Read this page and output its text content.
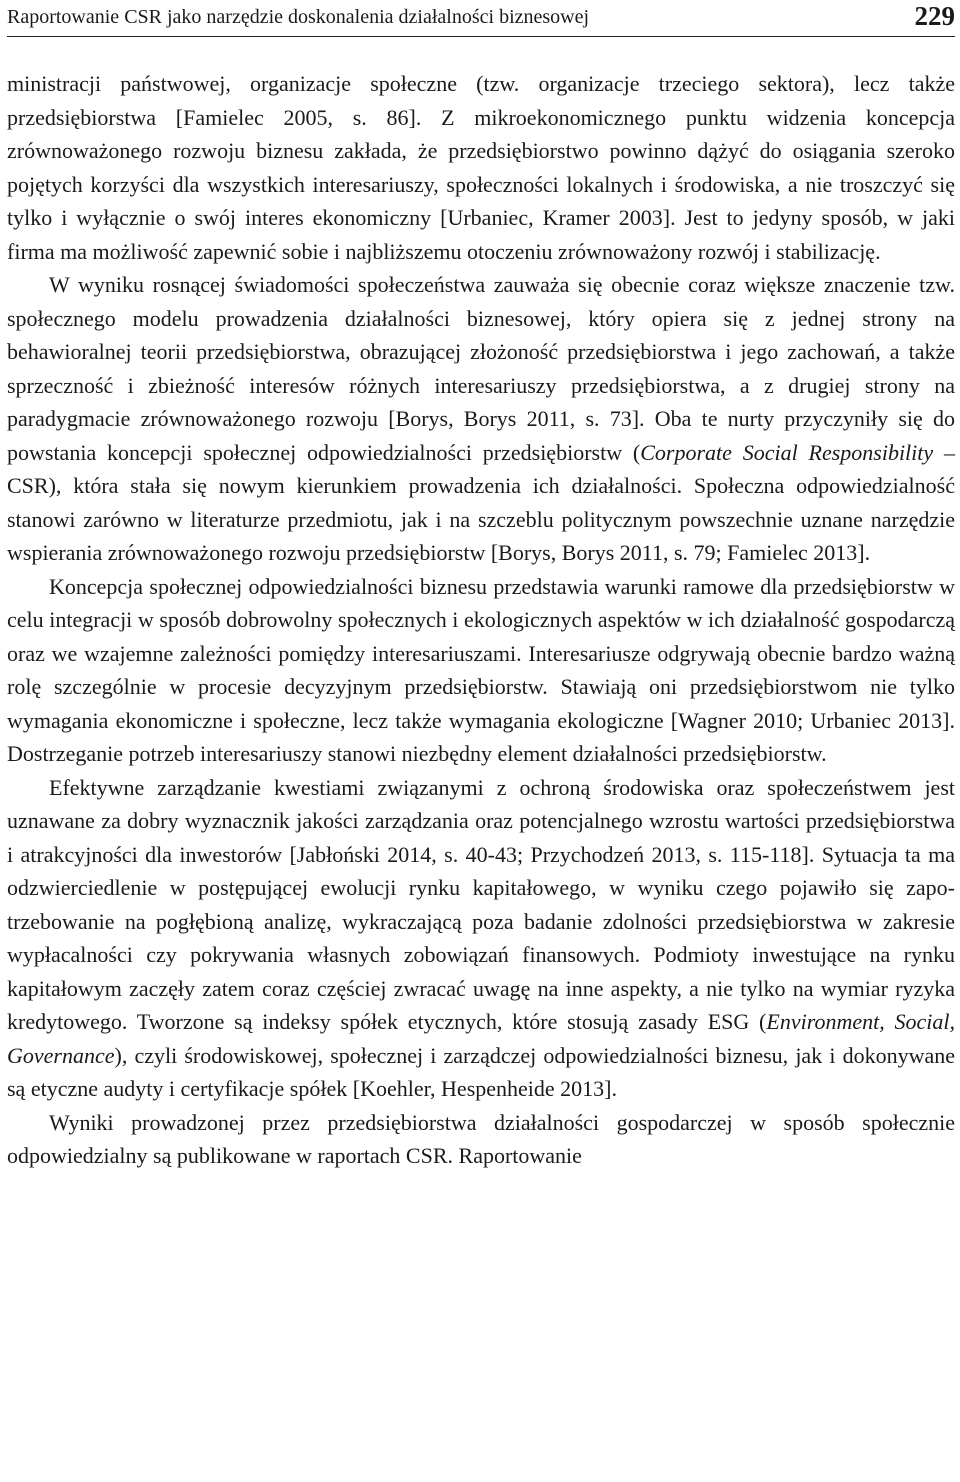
Raportowanie CSR jako narzędzie doskonalenia działalności biznesowej	229

ministracji państwowej, organizacje społeczne (tzw. organizacje trzeciego sektora), lecz także przedsiębiorstwa [Famielec 2005, s. 86]. Z mikroekonomicznego punktu widzenia koncepcja zrównoważonego rozwoju biznesu zakłada, że przedsiębiorstwo powinno dążyć do osiągania szeroko pojętych korzyści dla wszystkich interesariuszy, społeczności lokalnych i środowiska, a nie troszczyć się tylko i wyłącznie o swój interes ekonomiczny [Urbaniec, Kramer 2003]. Jest to jedyny sposób, w jaki firma ma możliwość zapewnić sobie i najbliższemu otoczeniu zrównoważony rozwój i stabilizację.

W wyniku rosnącej świadomości społeczeństwa zauważa się obecnie coraz większe znaczenie tzw. społecznego modelu prowadzenia działalności biznesowej, który opiera się z jednej strony na behawioralnej teorii przedsiębiorstwa, obrazującej złożoność przedsiębiorstwa i jego zachowań, a także sprzeczność i zbieżność interesów różnych interesariuszy przedsiębiorstwa, a z drugiej strony na paradygmacie zrównoważonego rozwoju [Borys, Borys 2011, s. 73]. Oba te nurty przyczyniły się do powstania koncepcji społecznej odpowiedzialności przedsiębiorstw (Corporate Social Responsibility – CSR), która stała się nowym kierunkiem prowadzenia ich działalności. Społeczna odpowiedzialność stanowi zarówno w literaturze przedmiotu, jak i na szczeblu politycznym powszechnie uznane narzędzie wspierania zrównoważonego rozwoju przedsiębiorstw [Borys, Borys 2011, s. 79; Famielec 2013].

Koncepcja społecznej odpowiedzialności biznesu przedstawia warunki ramowe dla przedsiębiorstw w celu integracji w sposób dobrowolny społecznych i ekologicznych aspektów w ich działalność gospodarczą oraz we wzajemne zależności pomiędzy interesariuszami. Interesariusze odgrywają obecnie bardzo ważną rolę szczególnie w procesie decyzyjnym przedsiębiorstw. Stawiają oni przedsiębiorstwom nie tylko wymagania ekonomiczne i społeczne, lecz także wymagania ekologiczne [Wagner 2010; Urbaniec 2013]. Dostrzeganie potrzeb interesariuszy stanowi niezbędny element działalności przedsiębiorstw.

Efektywne zarządzanie kwestiami związanymi z ochroną środowiska oraz społeczeństwem jest uznawane za dobry wyznacznik jakości zarządzania oraz potencjalnego wzrostu wartości przedsiębiorstwa i atrakcyjności dla inwestorów [Jabłoński 2014, s. 40-43; Przychodzeń 2013, s. 115-118]. Sytuacja ta ma odzwierciedlenie w postępującej ewolucji rynku kapitałowego, w wyniku czego pojawiło się zapotrzebowanie na pogłębioną analizę, wykraczającą poza badanie zdolności przedsiębiorstwa w zakresie wypłacalności czy pokrywania własnych zobowiązań finansowych. Podmioty inwestujące na rynku kapitałowym zaczęły zatem coraz częściej zwracać uwagę na inne aspekty, a nie tylko na wymiar ryzyka kredytowego. Tworzone są indeksy spółek etycznych, które stosują zasady ESG (Environment, Social, Governance), czyli środowiskowej, społecznej i zarządczej odpowiedzialności biznesu, jak i dokonywane są etyczne audyty i certyfikacje spółek [Koehler, Hespenheide 2013].

Wyniki prowadzonej przez przedsiębiorstwa działalności gospodarczej w sposób społecznie odpowiedzialny są publikowane w raportach CSR. Raportowanie
